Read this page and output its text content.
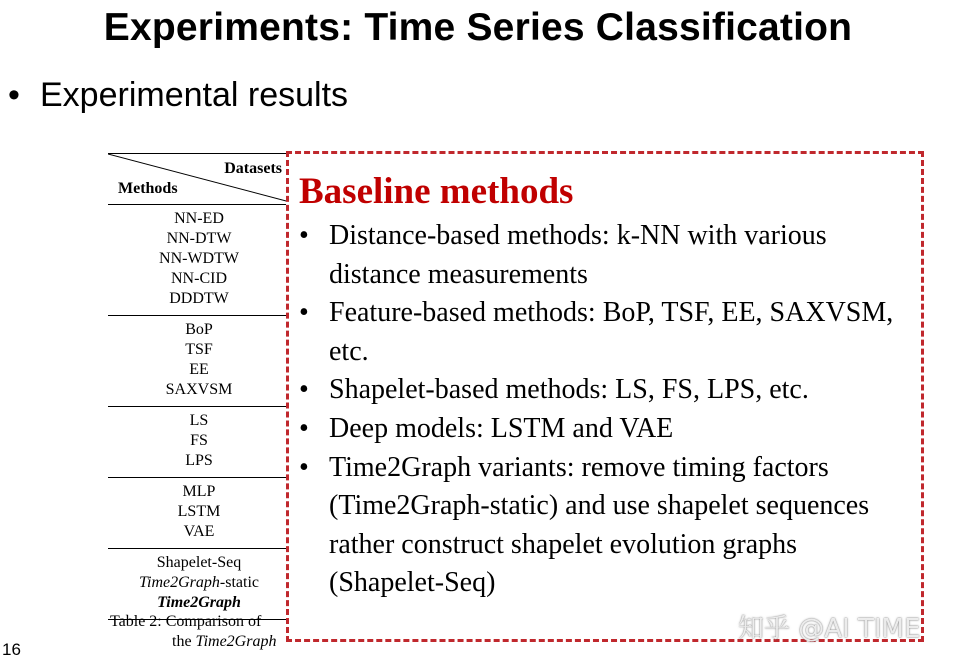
Experiments: Time Series Classification
• Experimental results
Datasets
Methods
NN-ED
NN-DTW
NN-WDTW
NN-CID
DDDTW
BoP
TSF
EE
SAXVSM
LS
FS
LPS
MLP
LSTM
VAE
Shapelet-Seq
Time2Graph-static
Time2Graph
Table 2: Comparison of
the Time2Graph
Baseline methods
• Distance-based methods: k-NN with various distance measurements
• Feature-based methods: BoP, TSF, EE, SAXVSM, etc.
• Shapelet-based methods: LS, FS, LPS, etc.
• Deep models: LSTM and VAE
• Time2Graph variants: remove timing factors (Time2Graph-static) and use shapelet sequences rather construct shapelet evolution graphs (Shapelet-Seq)
16
知乎 @AI TIME
